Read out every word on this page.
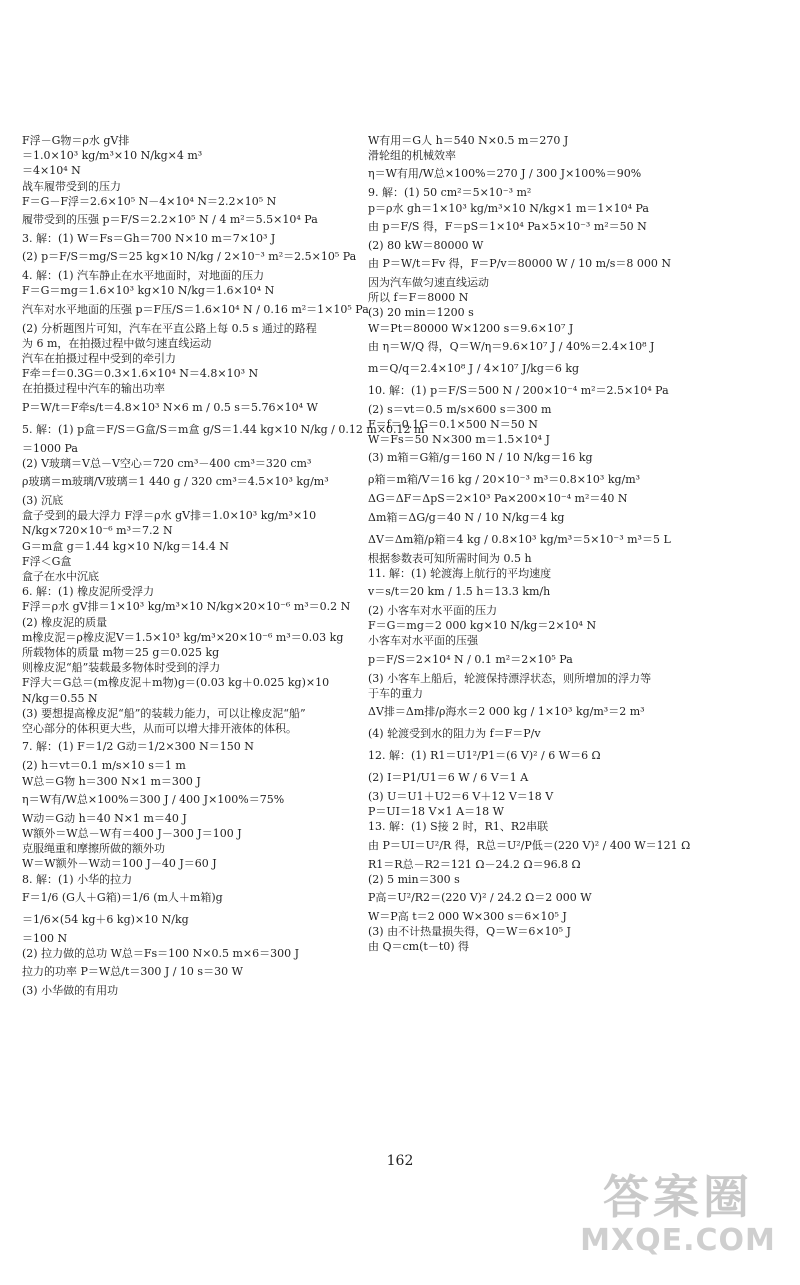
F浮－G物＝ρ水 gV排
＝1.0×10³ kg/m³×10 N/kg×4 m³
＝4×10⁴ N
战车履带受到的压力
F＝G－F浮＝2.6×10⁵ N－4×10⁴ N＝2.2×10⁵ N
履带受到的压强 p＝F/S＝2.2×10⁵ N / 4 m²＝5.5×10⁴ Pa
3. 解：(1) W＝Fs＝Gh＝700 N×10 m＝7×10³ J
(2) p＝F/S＝mg/S＝25 kg×10 N/kg / 2×10⁻³ m²＝2.5×10⁵ Pa
4. 解：(1) 汽车静止在水平地面时，对地面的压力
F＝G＝mg＝1.6×10³ kg×10 N/kg＝1.6×10⁴ N
汽车对水平地面的压强 p＝F压/S＝1.6×10⁴ N / 0.16 m²＝1×10⁵ Pa
(2) 分析题图片可知，汽车在平直公路上每 0.5 s 通过的路程
为 6 m，在拍摄过程中做匀速直线运动
汽车在拍摄过程中受到的牵引力
F牵＝f＝0.3G＝0.3×1.6×10⁴ N＝4.8×10³ N
在拍摄过程中汽车的输出功率
P＝W/t＝F牵s/t＝4.8×10³ N×6 m / 0.5 s＝5.76×10⁴ W
5. 解：(1) p盒＝F/S＝G盒/S＝m盒 g/S＝1.44 kg×10 N/kg / 0.12 m×0.12 m
＝1000 Pa
(2) V玻璃＝V总－V空心＝720 cm³－400 cm³＝320 cm³
ρ玻璃＝m玻璃/V玻璃＝1 440 g / 320 cm³＝4.5×10³ kg/m³
(3) 沉底
盒子受到的最大浮力 F浮＝ρ水 gV排＝1.0×10³ kg/m³×10
N/kg×720×10⁻⁶ m³＝7.2 N
G＝m盒 g＝1.44 kg×10 N/kg＝14.4 N
F浮＜G盒
盒子在水中沉底
6. 解：(1) 橡皮泥所受浮力
F浮＝ρ水 gV排＝1×10³ kg/m³×10 N/kg×20×10⁻⁶ m³＝0.2 N
(2) 橡皮泥的质量
m橡皮泥＝ρ橡皮泥V＝1.5×10³ kg/m³×20×10⁻⁶ m³＝0.03 kg
所载物体的质量 m物＝25 g＝0.025 kg
则橡皮泥“船”装载最多物体时受到的浮力
F浮大＝G总＝(m橡皮泥＋m物)g＝(0.03 kg＋0.025 kg)×10
N/kg＝0.55 N
(3) 要想提高橡皮泥“船”的装载力能力，可以让橡皮泥“船”
空心部分的体积更大些，从而可以增大排开液体的体积。
7. 解：(1) F＝1/2 G动＝1/2×300 N＝150 N
(2) h＝vt＝0.1 m/s×10 s＝1 m
W总＝G物 h＝300 N×1 m＝300 J
η＝W有/W总×100%＝300 J / 400 J×100%＝75%
W动＝G动 h＝40 N×1 m＝40 J
W额外＝W总－W有＝400 J－300 J＝100 J
克服绳重和摩擦所做的额外功
W＝W额外－W动＝100 J－40 J＝60 J
8. 解：(1) 小华的拉力
F＝1/6 (G人＋G箱)＝1/6 (m人＋m箱)g
＝1/6×(54 kg＋6 kg)×10 N/kg
＝100 N
(2) 拉力做的总功 W总＝Fs＝100 N×0.5 m×6＝300 J
拉力的功率 P＝W总/t＝300 J / 10 s＝30 W
(3) 小华做的有用功
W有用＝G人 h＝540 N×0.5 m＝270 J
滑轮组的机械效率
η＝W有用/W总×100%＝270 J / 300 J×100%＝90%
9. 解：(1) 50 cm²＝5×10⁻³ m²
p＝ρ水 gh＝1×10³ kg/m³×10 N/kg×1 m＝1×10⁴ Pa
由 p＝F/S 得，F＝pS＝1×10⁴ Pa×5×10⁻³ m²＝50 N
(2) 80 kW＝80000 W
由 P＝W/t＝Fv 得，F＝P/v＝80000 W / 10 m/s＝8 000 N
因为汽车做匀速直线运动
所以 f＝F＝8000 N
(3) 20 min＝1200 s
W＝Pt＝80000 W×1200 s＝9.6×10⁷ J
由 η＝W/Q 得，Q＝W/η＝9.6×10⁷ J / 40%＝2.4×10⁸ J
m＝Q/q＝2.4×10⁸ J / 4×10⁷ J/kg＝6 kg
10. 解：(1) p＝F/S＝500 N / 200×10⁻⁴ m²＝2.5×10⁴ Pa
(2) s＝vt＝0.5 m/s×600 s＝300 m
F＝f＝0.1G＝0.1×500 N＝50 N
W＝Fs＝50 N×300 m＝1.5×10⁴ J
(3) m箱＝G箱/g＝160 N / 10 N/kg＝16 kg
ρ箱＝m箱/V＝16 kg / 20×10⁻³ m³＝0.8×10³ kg/m³
ΔG＝ΔF＝ΔpS＝2×10³ Pa×200×10⁻⁴ m²＝40 N
Δm箱＝ΔG/g＝40 N / 10 N/kg＝4 kg
ΔV＝Δm箱/ρ箱＝4 kg / 0.8×10³ kg/m³＝5×10⁻³ m³＝5 L
根据参数表可知所需时间为 0.5 h
11. 解：(1) 轮渡海上航行的平均速度
v＝s/t＝20 km / 1.5 h＝13.3 km/h
(2) 小客车对水平面的压力
F＝G＝mg＝2 000 kg×10 N/kg＝2×10⁴ N
小客车对水平面的压强
p＝F/S＝2×10⁴ N / 0.1 m²＝2×10⁵ Pa
(3) 小客车上船后，轮渡保持漂浮状态，则所增加的浮力等
于车的重力
ΔV排＝Δm排/ρ海水＝2 000 kg / 1×10³ kg/m³＝2 m³
(4) 轮渡受到水的阻力为 f＝F＝P/v
12. 解：(1) R1＝U1²/P1＝(6 V)² / 6 W＝6 Ω
(2) I＝P1/U1＝6 W / 6 V＝1 A
(3) U＝U1＋U2＝6 V＋12 V＝18 V
P＝UI＝18 V×1 A＝18 W
13. 解：(1) S接 2 时，R1、R2串联
由 P＝UI＝U²/R 得，R总＝U²/P低＝(220 V)² / 400 W＝121 Ω
R1＝R总－R2＝121 Ω－24.2 Ω＝96.8 Ω
(2) 5 min＝300 s
P高＝U²/R2＝(220 V)² / 24.2 Ω＝2 000 W
W＝P高 t＝2 000 W×300 s＝6×10⁵ J
(3) 由不计热量损失得，Q＝W＝6×10⁵ J
由 Q＝cm(t－t0) 得
162
答案圈
MXQE.COM
